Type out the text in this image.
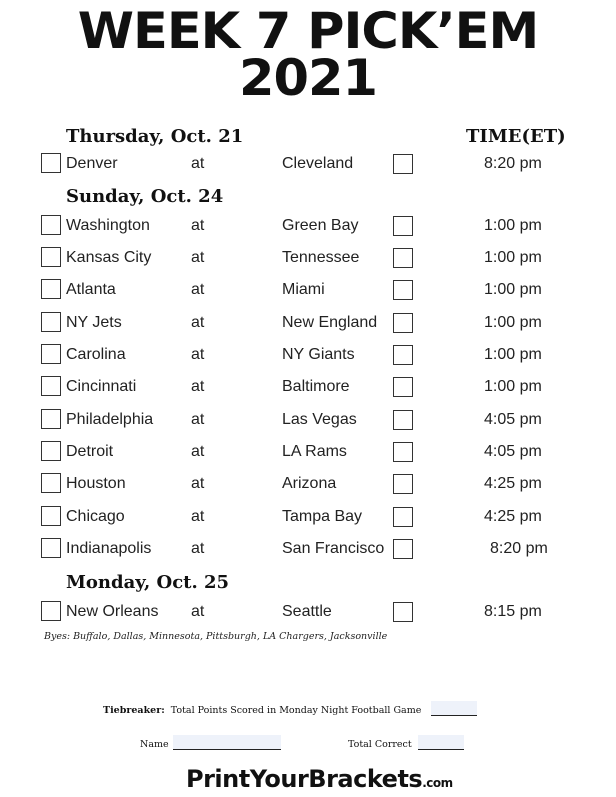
WEEK 7 PICK’EM
2021
TIME(ET)
Thursday, Oct. 21
Denver	at	Cleveland	8:20 pm
Sunday, Oct. 24
Washington	at	Green Bay	1:00 pm
Kansas City at	Tennessee	1:00 pm
Atlanta	at	Miami	1:00 pm
NY Jets	at	New England	1:00 pm
Carolina	at	NY Giants	1:00 pm
Cincinnati	at	Baltimore	1:00 pm
Philadelphia at	Las Vegas	4:05 pm
Detroit	at	LA Rams	4:05 pm
Houston	at	Arizona	4:25 pm
Chicago	at	Tampa Bay	4:25 pm
Indianapolis at	San Francisco	8:20 pm
Monday, Oct. 25
New Orleans at	Seattle	8:15 pm
Byes: Buffalo, Dallas, Minnesota, Pittsburgh, LA Chargers, Jacksonville
Tiebreaker: Total Points Scored in Monday Night Football Game
Name	Total Correct
PrintYourBrackets.com
